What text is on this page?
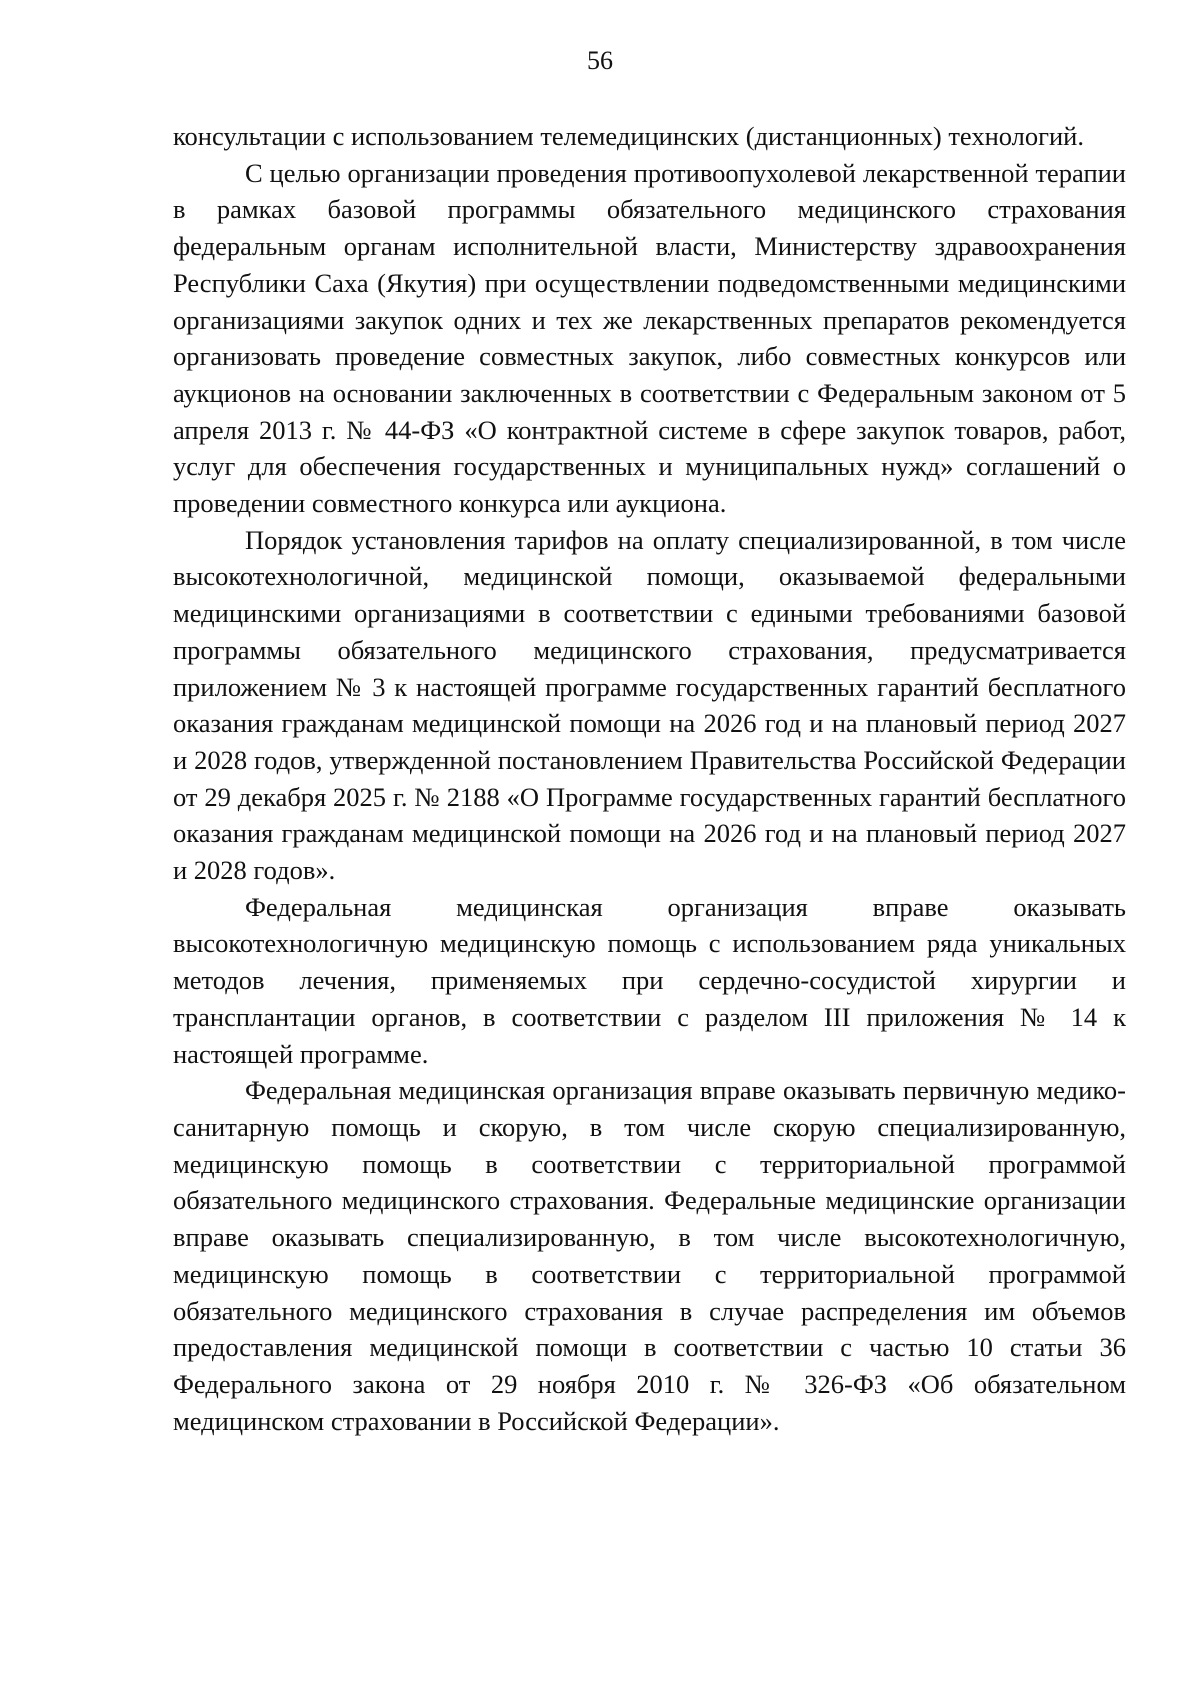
56

консультации с использованием телемедицинских (дистанционных) технологий.

С целью организации проведения противоопухолевой лекарственной терапии в рамках базовой программы обязательного медицинского страхования федеральным органам исполнительной власти, Министерству здравоохранения Республики Саха (Якутия) при осуществлении подведомственными медицинскими организациями закупок одних и тех же лекарственных препаратов рекомендуется организовать проведение совместных закупок, либо совместных конкурсов или аукционов на основании заключенных в соответствии с Федеральным законом от 5 апреля 2013 г. № 44-ФЗ «О контрактной системе в сфере закупок товаров, работ, услуг для обеспечения государственных и муниципальных нужд» соглашений о проведении совместного конкурса или аукциона.

Порядок установления тарифов на оплату специализированной, в том числе высокотехнологичной, медицинской помощи, оказываемой федеральными медицинскими организациями в соответствии с едиными требованиями базовой программы обязательного медицинского страхования, предусматривается приложением № 3 к настоящей программе государственных гарантий бесплатного оказания гражданам медицинской помощи на 2026 год и на плановый период 2027 и 2028 годов, утвержденной постановлением Правительства Российской Федерации от 29 декабря 2025 г. № 2188 «О Программе государственных гарантий бесплатного оказания гражданам медицинской помощи на 2026 год и на плановый период 2027 и 2028 годов».

Федеральная медицинская организация вправе оказывать высокотехнологичную медицинскую помощь с использованием ряда уникальных методов лечения, применяемых при сердечно-сосудистой хирургии и трансплантации органов, в соответствии с разделом III приложения № 14 к настоящей программе.

Федеральная медицинская организация вправе оказывать первичную медико-санитарную помощь и скорую, в том числе скорую специализированную, медицинскую помощь в соответствии с территориальной программой обязательного медицинского страхования. Федеральные медицинские организации вправе оказывать специализированную, в том числе высокотехнологичную, медицинскую помощь в соответствии с территориальной программой обязательного медицинского страхования в случае распределения им объемов предоставления медицинской помощи в соответствии с частью 10 статьи 36 Федерального закона от 29 ноября 2010 г. № 326-ФЗ «Об обязательном медицинском страховании в Российской Федерации».
